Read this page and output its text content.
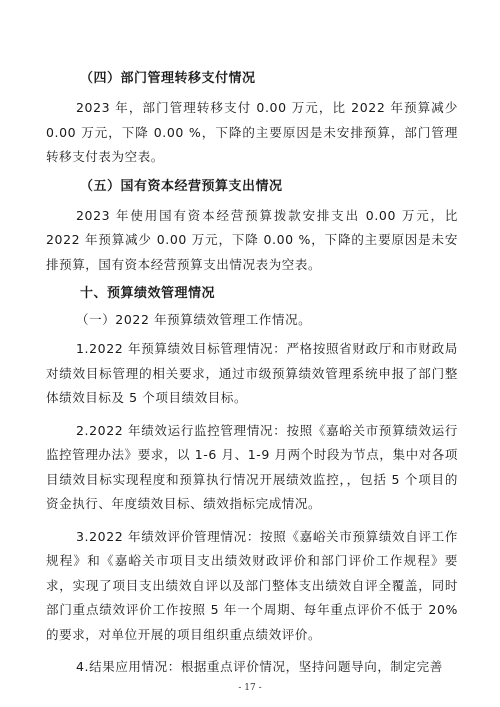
（四）部门管理转移支付情况
2023 年，部门管理转移支付 0.00 万元，比 2022 年预算减少 0.00 万元，下降 0.00 %，下降的主要原因是未安排预算，部门管理转移支付表为空表。
（五）国有资本经营预算支出情况
2023 年使用国有资本经营预算拨款安排支出 0.00 万元，比 2022 年预算减少 0.00 万元，下降 0.00 %，下降的主要原因是未安排预算，国有资本经营预算支出情况表为空表。
十、预算绩效管理情况
（一）2022 年预算绩效管理工作情况。
1.2022 年预算绩效目标管理情况：严格按照省财政厅和市财政局对绩效目标管理的相关要求，通过市级预算绩效管理系统申报了部门整体绩效目标及 5 个项目绩效目标。
2.2022 年绩效运行监控管理情况：按照《嘉峪关市预算绩效运行监控管理办法》要求，以 1-6 月、1-9 月两个时段为节点，集中对各项目绩效目标实现程度和预算执行情况开展绩效监控，，包括 5 个项目的资金执行、年度绩效目标、绩效指标完成情况。
3.2022 年绩效评价管理情况：按照《嘉峪关市预算绩效自评工作规程》和《嘉峪关市项目支出绩效财政评价和部门评价工作规程》要求，实现了项目支出绩效自评以及部门整体支出绩效自评全覆盖，同时部门重点绩效评价工作按照 5 年一个周期、每年重点评价不低于 20% 的要求，对单位开展的项目组织重点绩效评价。
4.结果应用情况：根据重点评价情况，坚持问题导向，制定完善
- 17 -
